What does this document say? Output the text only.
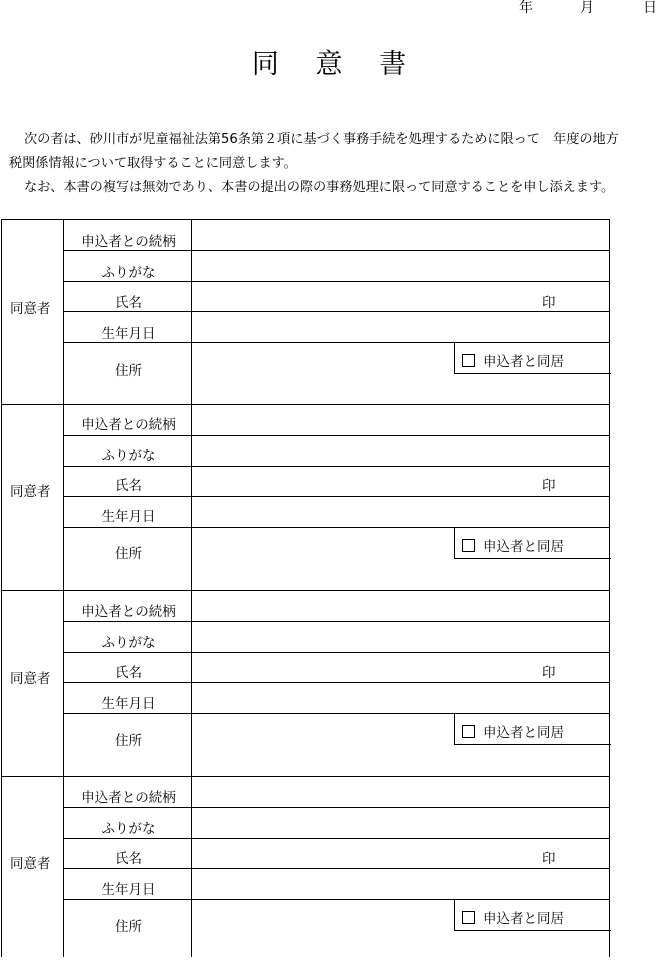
年	月	日
同 意 書
次の者は、砂川市が児童福祉法第56条第２項に基づく事務手続を処理するために限って　年度の地方
税関係情報について取得することに同意します。
なお、本書の複写は無効であり、本書の提出の際の事務処理に限って同意することを申し添えます。
同意者
申込者との続柄
ふりがな
氏名	印
生年月日
住所
申込者と同居
同意者
申込者との続柄
ふりがな
氏名	印
生年月日
住所	申込者と同居
同意者
申込者との続柄
ふりがな
氏名	印
生年月日
住所	申込者と同居
同意者
申込者との続柄
ふりがな
氏名	印
生年月日
住所	申込者と同居
